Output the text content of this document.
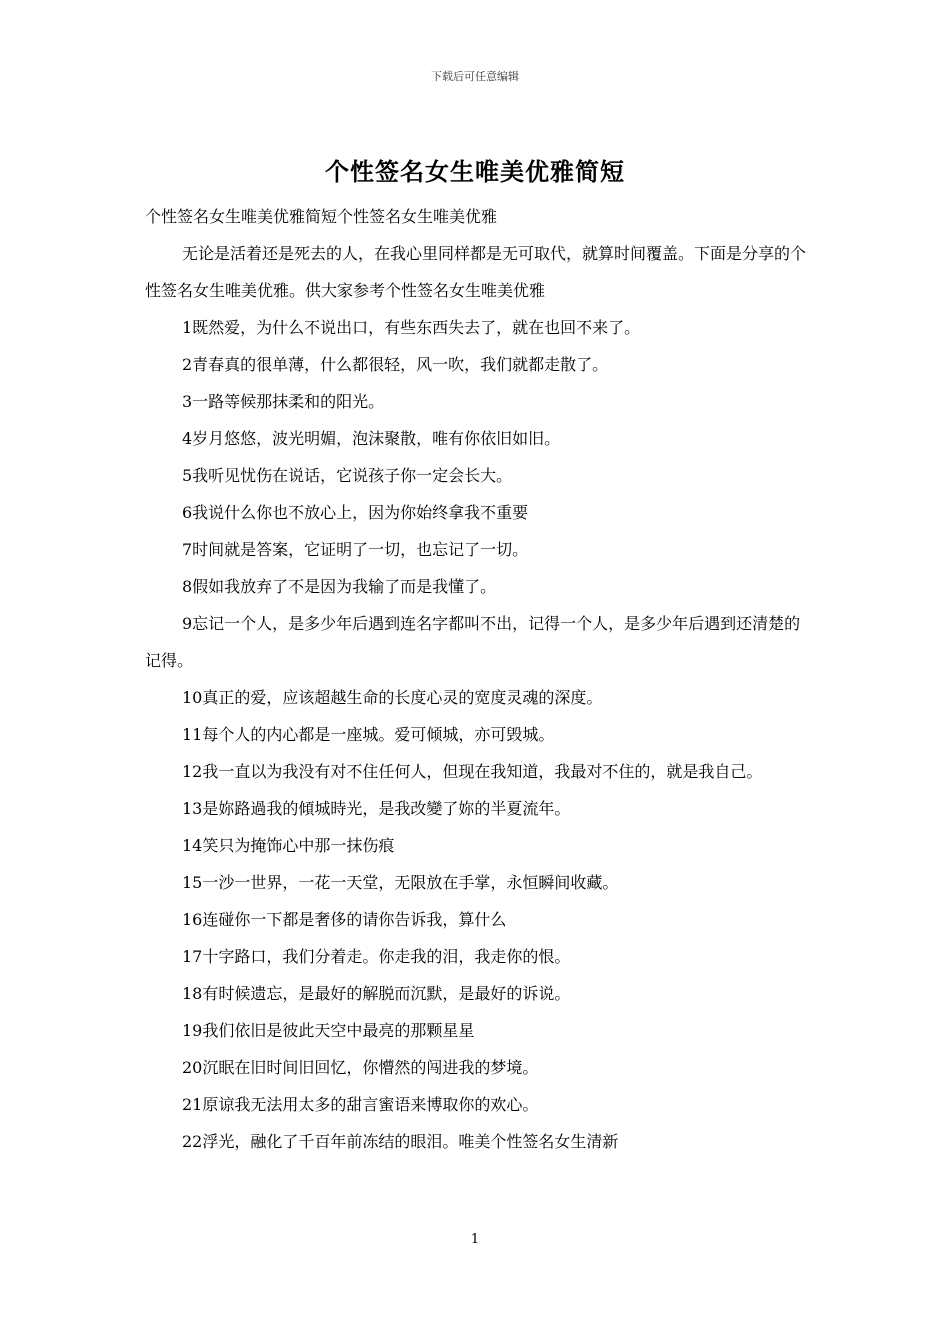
下载后可任意编辑
个性签名女生唯美优雅简短

个性签名女生唯美优雅简短个性签名女生唯美优雅

无论是活着还是死去的人，在我心里同样都是无可取代，就算时间覆盖。下面是分享的个性签名女生唯美优雅。供大家参考个性签名女生唯美优雅

1既然爱，为什么不说出口，有些东西失去了，就在也回不来了。

2青春真的很单薄，什么都很轻，风一吹，我们就都走散了。

3一路等候那抹柔和的阳光。

4岁月悠悠，波光明媚，泡沫聚散，唯有你依旧如旧。

5我听见忧伤在说话，它说孩子你一定会长大。

6我说什么你也不放心上，因为你始终拿我不重要

7时间就是答案，它证明了一切，也忘记了一切。

8假如我放弃了不是因为我输了而是我懂了。

9忘记一个人，是多少年后遇到连名字都叫不出，记得一个人，是多少年后遇到还清楚的记得。

10真正的爱，应该超越生命的长度心灵的宽度灵魂的深度。

11每个人的内心都是一座城。爱可倾城，亦可毁城。

12我一直以为我没有对不住任何人，但现在我知道，我最对不住的，就是我自己。

13是妳路過我的傾城時光，是我改變了妳的半夏流年。

14笑只为掩饰心中那一抹伤痕

15一沙一世界，一花一天堂，无限放在手掌，永恒瞬间收藏。

16连碰你一下都是奢侈的请你告诉我，算什么

17十字路口，我们分着走。你走我的泪，我走你的恨。

18有时候遗忘，是最好的解脱而沉默，是最好的诉说。

19我们依旧是彼此天空中最亮的那颗星星

20沉眠在旧时间旧回忆，你懵然的闯进我的梦境。

21原谅我无法用太多的甜言蜜语来博取你的欢心。

22浮光，融化了千百年前冻结的眼泪。唯美个性签名女生清新

1
